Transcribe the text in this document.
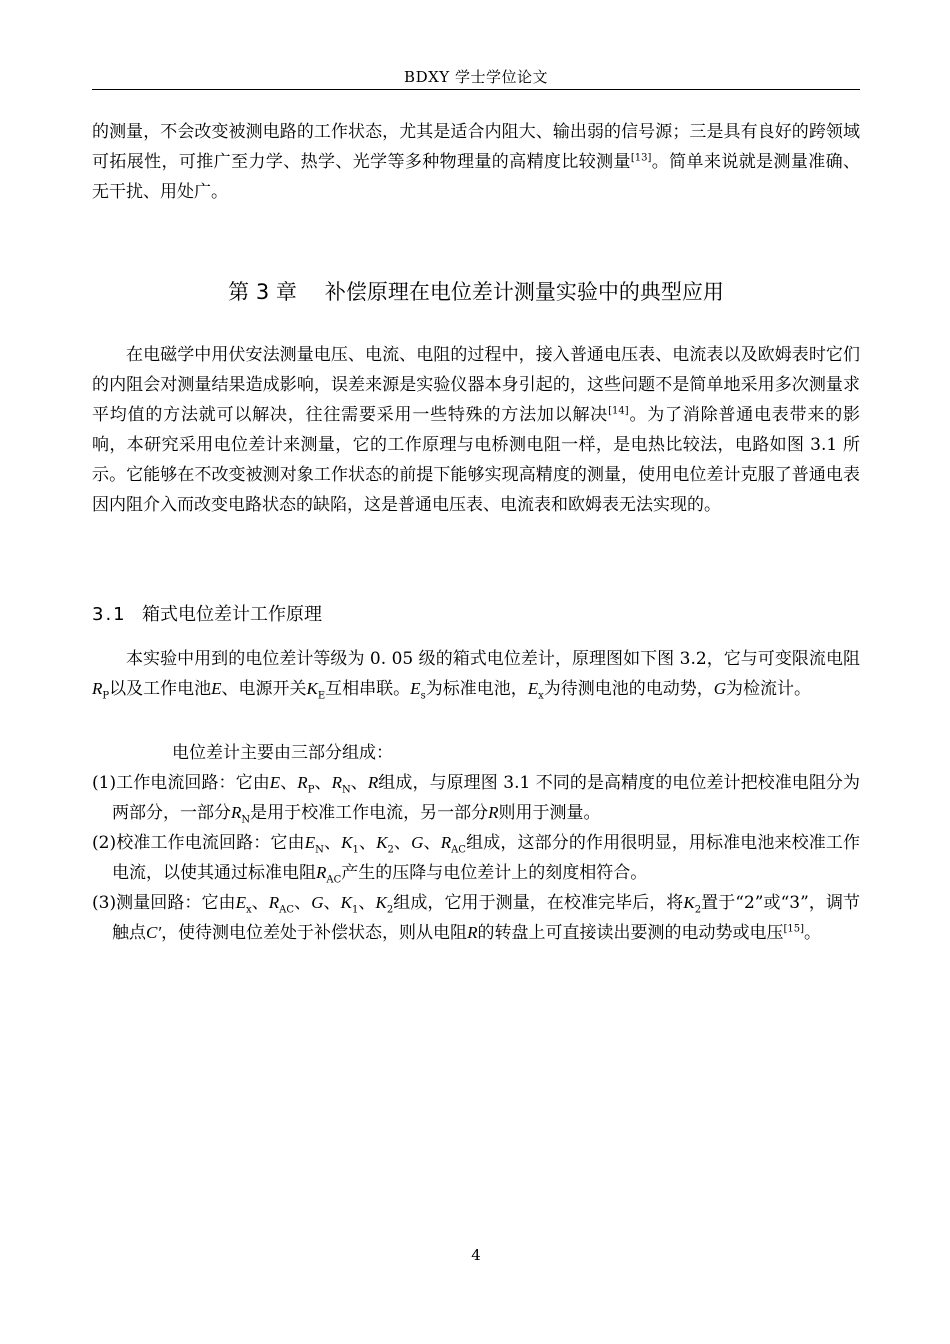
BDXY 学士学位论文

的测量，不会改变被测电路的工作状态，尤其是适合内阻大、输出弱的信号源；三是具有良好的跨领域可拓展性，可推广至力学、热学、光学等多种物理量的高精度比较测量[13]。简单来说就是测量准确、无干扰、用处广。

第 3 章 补偿原理在电位差计测量实验中的典型应用

在电磁学中用伏安法测量电压、电流、电阻的过程中，接入普通电压表、电流表以及欧姆表时它们的内阻会对测量结果造成影响，误差来源是实验仪器本身引起的，这些问题不是简单地采用多次测量求平均值的方法就可以解决，往往需要采用一些特殊的方法加以解决[14]。为了消除普通电表带来的影响，本研究采用电位差计来测量，它的工作原理与电桥测电阻一样，是电热比较法，电路如图 3.1 所示。它能够在不改变被测对象工作状态的前提下能够实现高精度的测量，使用电位差计克服了普通电表因内阻介入而改变电路状态的缺陷，这是普通电压表、电流表和欧姆表无法实现的。

3.1 箱式电位差计工作原理

本实验中用到的电位差计等级为 0. 05 级的箱式电位差计，原理图如下图 3.2，它与可变限流电阻$R_P$以及工作电池E、电源开关$K_E$互相串联。$E_s$为标准电池，$E_x$为待测电池的电动势，G为检流计。

电位差计主要由三部分组成：

(1)工作电流回路：它由E、$R_P$、$R_N$、R组成，与原理图 3.1 不同的是高精度的电位差计把校准电阻分为两部分，一部分$R_N$是用于校准工作电流，另一部分R则用于测量。

(2)校准工作电流回路：它由$E_N$、$K_1$、$K_2$、G、$R_{AC}$组成，这部分的作用很明显，用标准电池来校准工作电流，以使其通过标准电阻$R_{AC}$产生的压降与电位差计上的刻度相符合。

(3)测量回路：它由$E_x$、$R_{AC}$、G、$K_1$、$K_2$组成，它用于测量，在校准完毕后，将$K_2$置于“2”或“3”，调节触点C′，使待测电位差处于补偿状态，则从电阻R的转盘上可直接读出要测的电动势或电压[15]。

4
